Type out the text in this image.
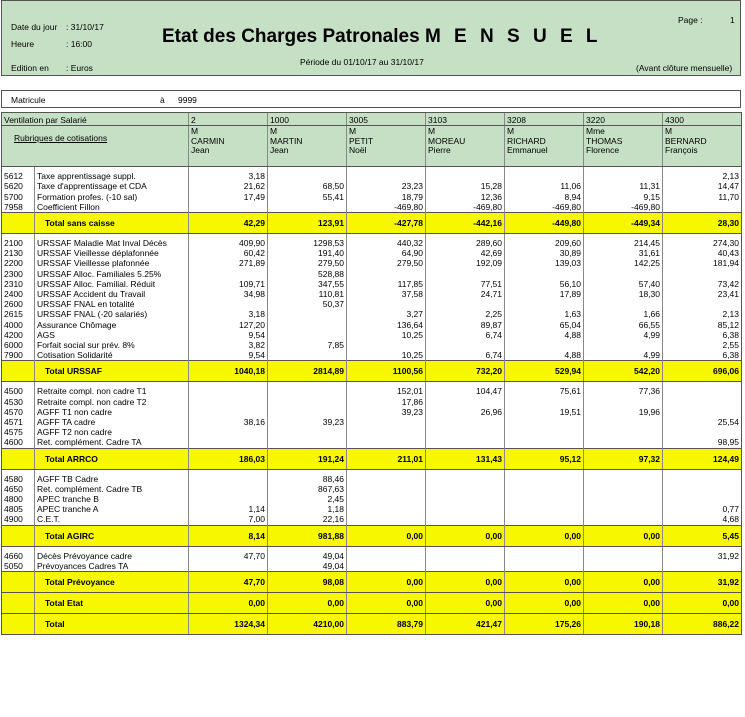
Date du jour : 31/10/17
Heure	: 16:00
Edition en : Euros
Etat des Charges Patronales M E N S U E L
Période du 01/10/17 au 31/10/17
Page :	1
(Avant clôture mensuelle)
Matricule	à 9999
Ventilation par Salarié		2	1000	3005	3103	3208	3220	4300
Rubriques de cotisations		M
CARMIN
Jean	M
MARTIN
Jean	M
PETIT
Noël	M
MOREAU
Pierre	M
RICHARD
Emmanuel	Mme
THOMAS
Florence	M
BERNARD
François

5612	Taxe apprentissage suppl.	3,18						2,13
5620	Taxe d'apprentissage et CDA	21,62	68,50	23,23	15,28	11,06	11,31	14,47
5700	Formation profes. (-10 sal)	17,49	55,41	18,79	12,36	8,94	9,15	11,70
7958	Coefficient Fillon			-469,80	-469,80	-469,80	-469,80	
	Total sans caisse	42,29	123,91	-427,78	-442,16	-449,80	-449,34	28,30

2100	URSSAF Maladie Mat Inval Décès	409,90	1298,53	440,32	289,60	209,60	214,45	274,30
2130	URSSAF Vieillesse déplafonnée	60,42	191,40	64,90	42,69	30,89	31,61	40,43
2200	URSSAF Vieillesse plafonnée	271,89	279,50	279,50	192,09	139,03	142,25	181,94
2300	URSSAF Alloc. Familiales 5.25%		528,88					
2310	URSSAF Alloc. Familial. Réduit	109,71	347,55	117,85	77,51	56,10	57,40	73,42
2400	URSSAF Accident du Travail	34,98	110,81	37,58	24,71	17,89	18,30	23,41
2600	URSSAF FNAL en totalité		50,37					
2615	URSSAF FNAL (-20 salariés)	3,18		3,27	2,25	1,63	1,66	2,13
4000	Assurance Chômage	127,20		136,64	89,87	65,04	66,55	85,12
4200	AGS	9,54		10,25	6,74	4,88	4,99	6,38
6000	Forfait social sur prév. 8%	3,82	7,85					2,55
7900	Cotisation Solidarité	9,54		10,25	6,74	4,88	4,99	6,38
	Total URSSAF	1040,18	2814,89	1100,56	732,20	529,94	542,20	696,06

4500	Retraite compl. non cadre T1			152,01	104,47	75,61	77,36	
4530	Retraite compl. non cadre T2			17,86				
4570	AGFF T1 non cadre			39,23	26,96	19,51	19,96	
4571	AGFF TA cadre	38,16	39,23					25,54
4575	AGFF T2 non cadre							
4600	Ret. complément. Cadre TA							98,95
	Total ARRCO	186,03	191,24	211,01	131,43	95,12	97,32	124,49

4580	AGFF TB Cadre		88,46					
4650	Ret. complément. Cadre TB		867,63					
4800	APEC tranche B		2,45					
4805	APEC tranche A	1,14	1,18					0,77
4900	C.E.T.	7,00	22,16					4,68
	Total AGIRC	8,14	981,88	0,00	0,00	0,00	0,00	5,45

4660	Décès Prévoyance cadre	47,70	49,04					31,92
5050	Prévoyances Cadres TA		49,04					
	Total Prévoyance	47,70	98,08	0,00	0,00	0,00	0,00	31,92
	Total Etat	0,00	0,00	0,00	0,00	0,00	0,00	0,00
	Total	1324,34	4210,00	883,79	421,47	175,26	190,18	886,22
